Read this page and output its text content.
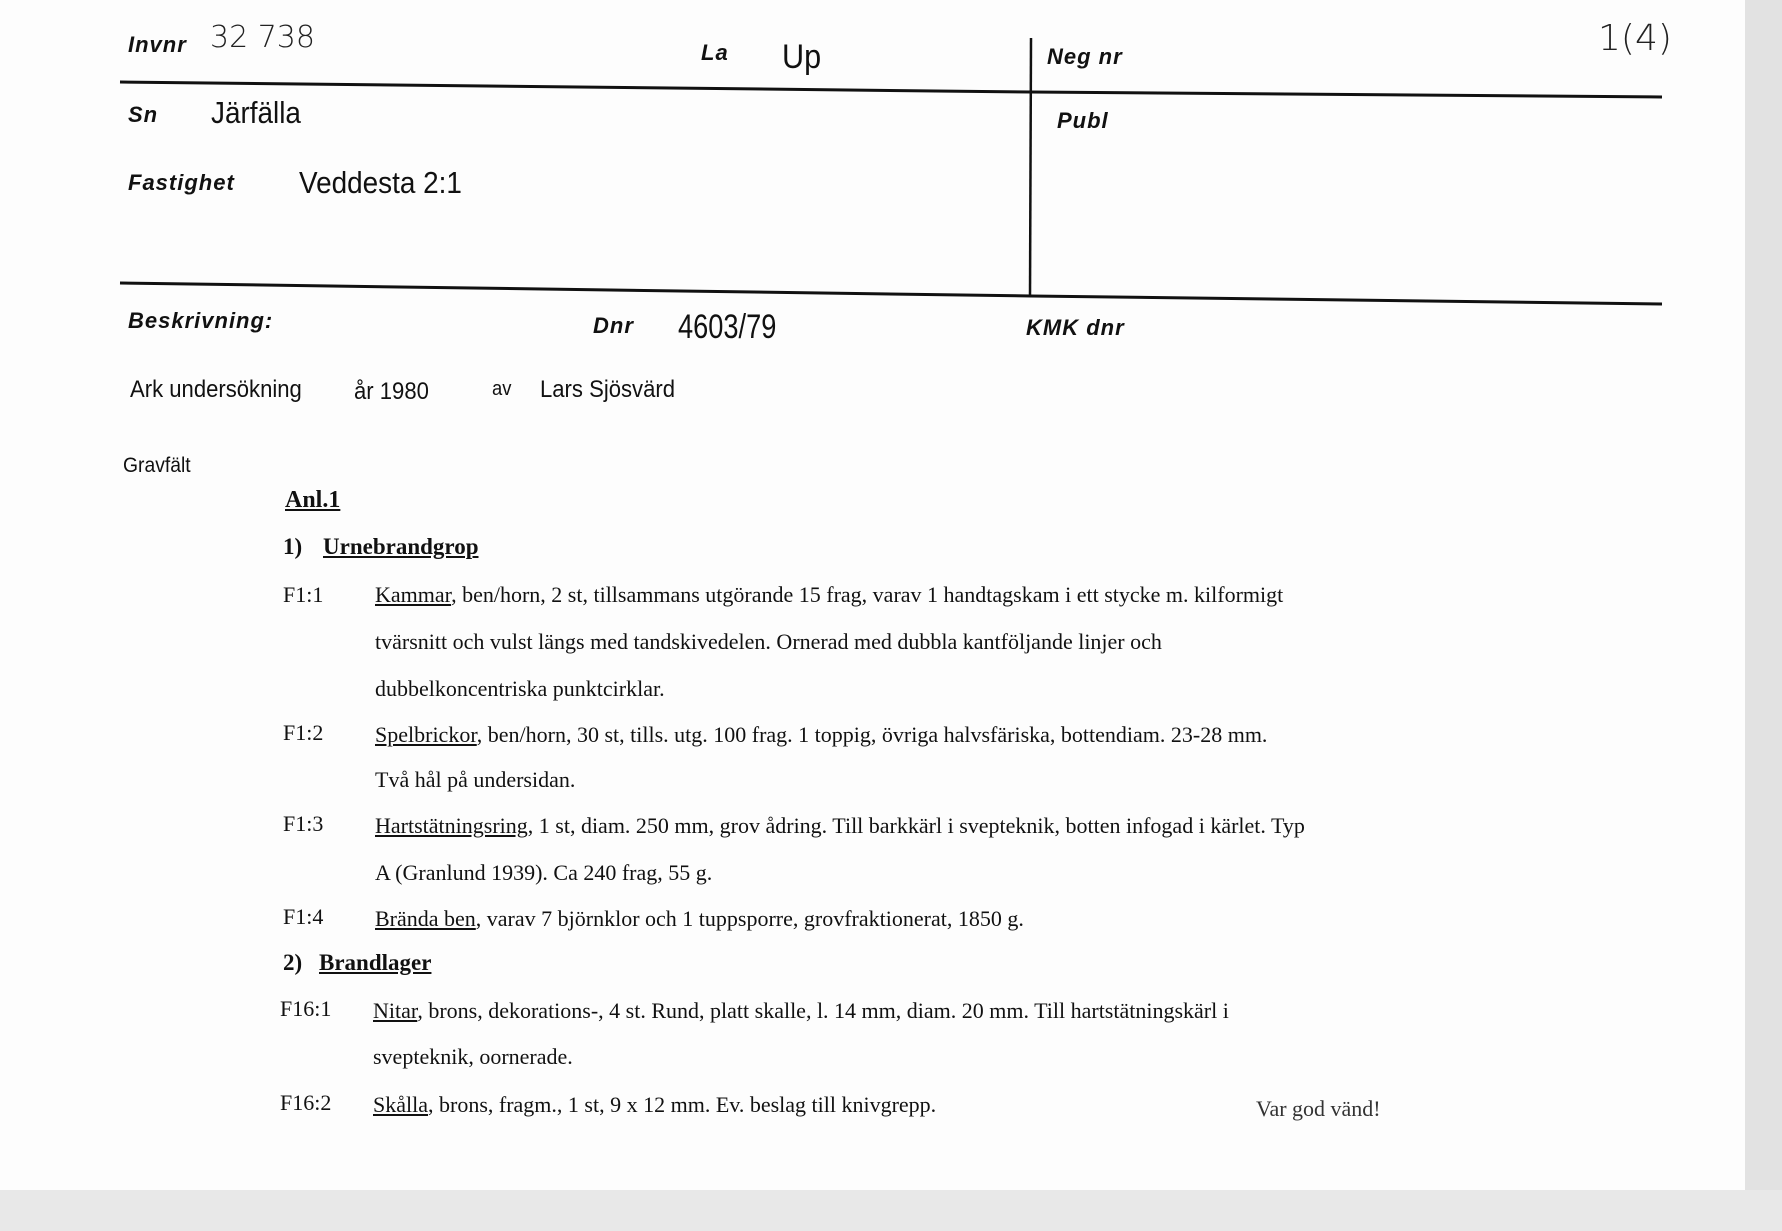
Invnr 32 738	La Up	Neg nr	1(4)
Sn Järfälla	Publ
Fastighet Veddesta 2:1
Beskrivning:	Dnr 4603/79	KMK dnr
Ark undersökning år 1980	av Lars Sjösvärd
Gravfält
Anl.1
1) Urnebrandgrop
F1:1 Kammar, ben/horn, 2 st, tillsammans utgörande 15 frag, varav 1 handtagskam i ett stycke m. kilformigt
tvärsnitt och vulst längs med tandskivedelen. Ornerad med dubbla kantföljande linjer och
dubbelkoncentriska punktcirklar.
F1:2 Spelbrickor, ben/horn, 30 st, tills. utg. 100 frag. 1 toppig, övriga halvsfäriska, bottendiam. 23-28 mm.
Två hål på undersidan.
F1:3 Hartstätningsring, 1 st, diam. 250 mm, grov ådring. Till barkkärl i svepteknik, botten infogad i kärlet. Typ
A (Granlund 1939). Ca 240 frag, 55 g.
F1:4 Brända ben, varav 7 björnklor och 1 tuppsporre, grovfraktionerat, 1850 g.
2) Brandlager
F16:1 Nitar, brons, dekorations-, 4 st. Rund, platt skalle, l. 14 mm, diam. 20 mm. Till hartstätningskärl i
svepteknik, oornerade.
F16:2 Skålla, brons, fragm., 1 st, 9 x 12 mm. Ev. beslag till knivgrepp.	Var god vänd!
